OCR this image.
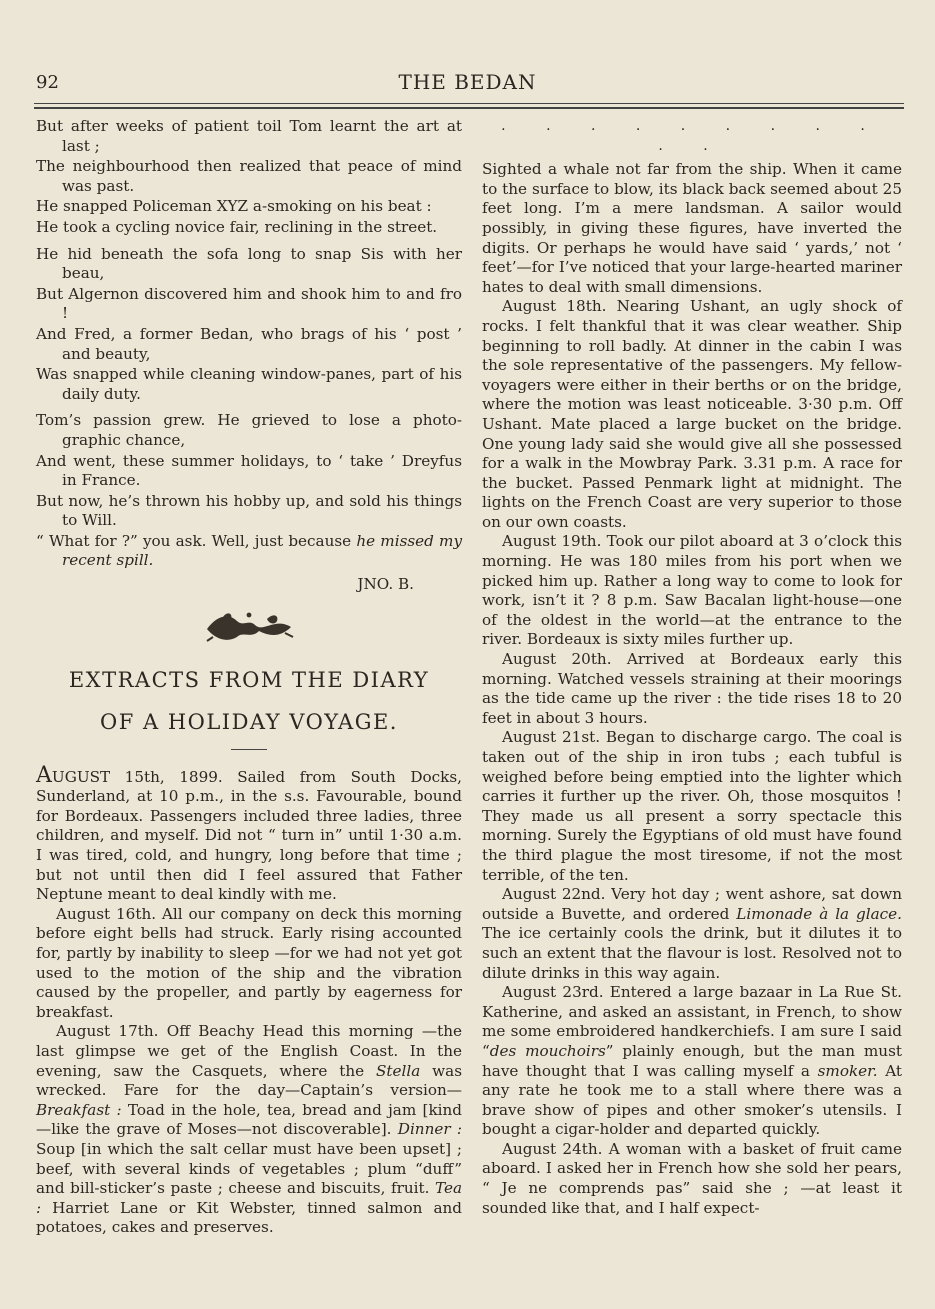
92	THE BEDAN
But after weeks of patient toil Tom learnt the art at last ;
The neighbourhood then realized that peace of mind was past.
He snapped Policeman XYZ a-smoking on his beat :
He took a cycling novice fair, reclining in the street.
He hid beneath the sofa long to snap Sis with her beau,
But Algernon discovered him and shook him to and fro !
And Fred, a former Bedan, who brags of his ‘ post ’ and beauty,
Was snapped while cleaning window-panes, part of his daily duty.
Tom’s passion grew. He grieved to lose a photo-graphic chance,
And went, these summer holidays, to ‘ take ’ Dreyfus in France.
But now, he’s thrown his hobby up, and sold his things to Will.
“ What for ?” you ask. Well, just because he missed my recent spill.
JNO. B.
EXTRACTS FROM THE DIARY
OF A HOLIDAY VOYAGE.

AUGUST 15th, 1899. Sailed from South Docks, Sunderland, at 10 p.m., in the s.s. Favourable, bound for Bordeaux. Passengers included three ladies, three children, and myself. Did not “ turn in” until 1·30 a.m. I was tired, cold, and hungry, long before that time ; but not until then did I feel assured that Father Neptune meant to deal kindly with me.

August 16th. All our company on deck this morning before eight bells had struck. Early rising accounted for, partly by inability to sleep —for we had not yet got used to the motion of the ship and the vibration caused by the propeller, and partly by eagerness for breakfast.

August 17th. Off Beachy Head this morning —the last glimpse we get of the English Coast. In the evening, saw the Casquets, where the Stella was wrecked. Fare for the day—Captain’s version—Breakfast : Toad in the hole, tea, bread and jam [kind—like the grave of Moses—not discoverable]. Dinner : Soup [in which the salt cellar must have been upset] ; beef, with several kinds of vegetables ; plum “duff” and bill-sticker’s paste ; cheese and biscuits, fruit. Tea : Harriet Lane or Kit Webster, tinned salmon and potatoes, cakes and preserves.

. . . . . . . . . . .

Sighted a whale not far from the ship. When it came to the surface to blow, its black back seemed about 25 feet long. I’m a mere landsman. A sailor would possibly, in giving these figures, have inverted the digits. Or perhaps he would have said ‘ yards,’ not ‘ feet’—for I’ve noticed that your large-hearted mariner hates to deal with small dimensions.

August 18th. Nearing Ushant, an ugly shock of rocks. I felt thankful that it was clear weather. Ship beginning to roll badly. At dinner in the cabin I was the sole representative of the passengers. My fellow-voyagers were either in their berths or on the bridge, where the motion was least noticeable. 3·30 p.m. Off Ushant. Mate placed a large bucket on the bridge. One young lady said she would give all she possessed for a walk in the Mowbray Park. 3.31 p.m. A race for the bucket. Passed Penmark light at midnight. The lights on the French Coast are very superior to those on our own coasts.

August 19th. Took our pilot aboard at 3 o’clock this morning. He was 180 miles from his port when we picked him up. Rather a long way to come to look for work, isn’t it ? 8 p.m. Saw Bacalan light-house—one of the oldest in the world—at the entrance to the river. Bordeaux is sixty miles further up.

August 20th. Arrived at Bordeaux early this morning. Watched vessels straining at their moorings as the tide came up the river : the tide rises 18 to 20 feet in about 3 hours.

August 21st. Began to discharge cargo. The coal is taken out of the ship in iron tubs ; each tubful is weighed before being emptied into the lighter which carries it further up the river. Oh, those mosquitos ! They made us all present a sorry spectacle this morning. Surely the Egyptians of old must have found the third plague the most tiresome, if not the most terrible, of the ten.

August 22nd. Very hot day ; went ashore, sat down outside a Buvette, and ordered Limonade à la glace. The ice certainly cools the drink, but it dilutes it to such an extent that the flavour is lost. Resolved not to dilute drinks in this way again.

August 23rd. Entered a large bazaar in La Rue St. Katherine, and asked an assistant, in French, to show me some embroidered handkerchiefs. I am sure I said “des mouchoirs” plainly enough, but the man must have thought that I was calling myself a smoker. At any rate he took me to a stall where there was a brave show of pipes and other smoker’s utensils. I bought a cigar-holder and departed quickly.

August 24th. A woman with a basket of fruit came aboard. I asked her in French how she sold her pears, “ Je ne comprends pas” said she ; —at least it sounded like that, and I half expect-
